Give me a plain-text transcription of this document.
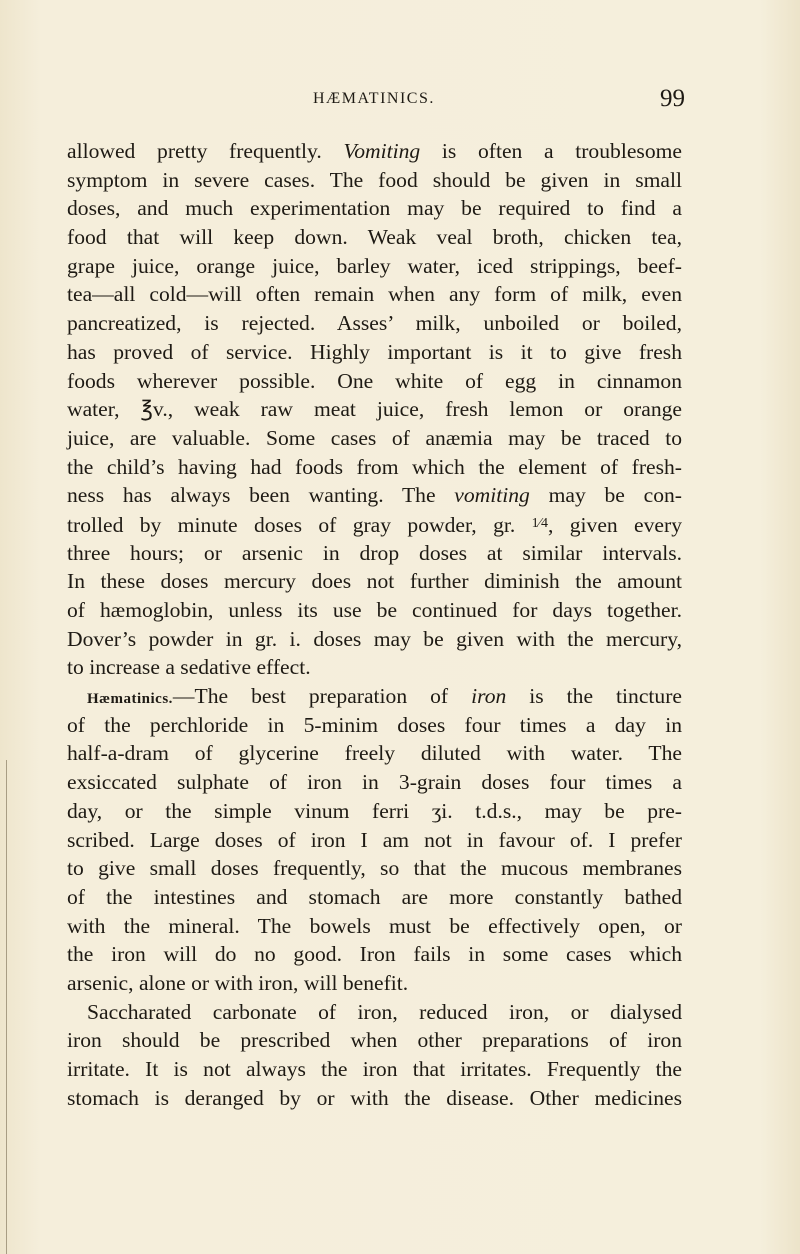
HÆMATINICS.	99

allowed pretty frequently. Vomiting is often a troublesome
symptom in severe cases. The food should be given in small
doses, and much experimentation may be required to find a
food that will keep down. Weak veal broth, chicken tea,
grape juice, orange juice, barley water, iced strippings, beef-
tea—all cold—will often remain when any form of milk, even
pancreatized, is rejected. Asses’ milk, unboiled or boiled,
has proved of service. Highly important is it to give fresh
foods wherever possible. One white of egg in cinnamon
water, ℥v., weak raw meat juice, fresh lemon or orange
juice, are valuable. Some cases of anæmia may be traced to
the child’s having had foods from which the element of fresh-
ness has always been wanting. The vomiting may be con-
trolled by minute doses of gray powder, gr. 1⁄4, given every
three hours; or arsenic in drop doses at similar intervals.
In these doses mercury does not further diminish the amount
of hæmoglobin, unless its use be continued for days together.
Dover’s powder in gr. i. doses may be given with the mercury,
to increase a sedative effect.

Hæmatinics.—The best preparation of iron is the tincture
of the perchloride in 5-minim doses four times a day in
half-a-dram of glycerine freely diluted with water. The
exsiccated sulphate of iron in 3-grain doses four times a
day, or the simple vinum ferri ʒi. t.d.s., may be pre-
scribed. Large doses of iron I am not in favour of. I prefer
to give small doses frequently, so that the mucous membranes
of the intestines and stomach are more constantly bathed
with the mineral. The bowels must be effectively open, or
the iron will do no good. Iron fails in some cases which
arsenic, alone or with iron, will benefit.

Saccharated carbonate of iron, reduced iron, or dialysed
iron should be prescribed when other preparations of iron
irritate. It is not always the iron that irritates. Frequently the
stomach is deranged by or with the disease. Other medicines
